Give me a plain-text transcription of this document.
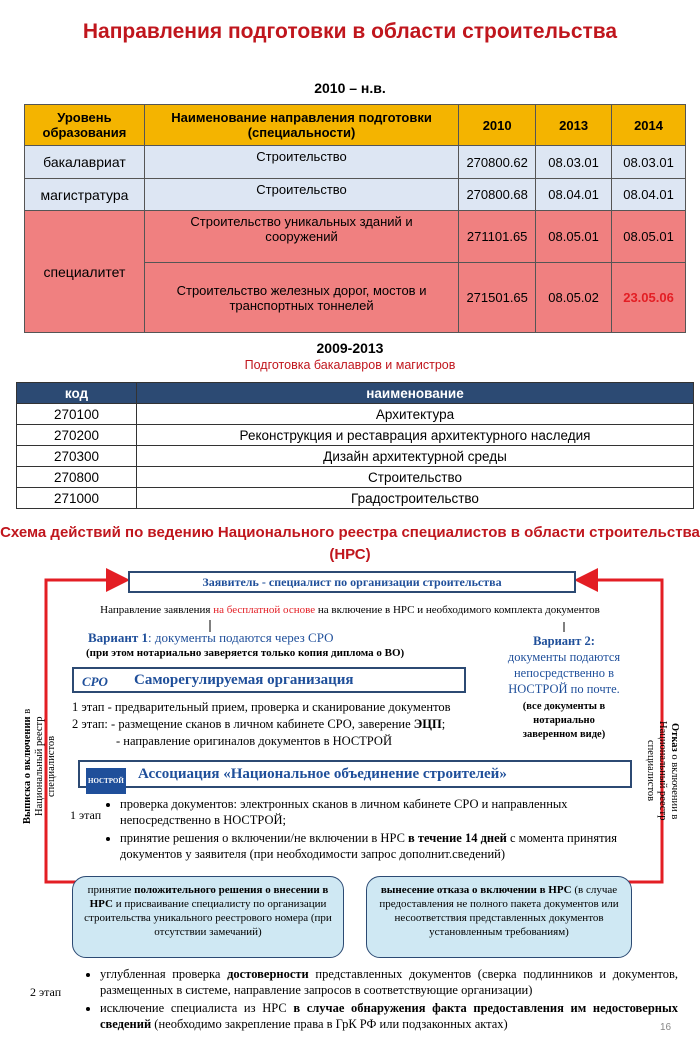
Направления подготовки в области строительства
2010 – н.в.
Уровень образования	Наименование направления подготовки (специальности)	2010	2013	2014
бакалавриат	Строительство	270800.62	08.03.01	08.03.01
магистратура	Строительство	270800.68	08.04.01	08.04.01
специалитет	Строительство уникальных зданий и сооружений	271101.65	08.05.01	08.05.01
	Строительство железных дорог, мостов и транспортных тоннелей	271501.65	08.05.02	23.05.06
2009-2013
Подготовка бакалавров и магистров
код	наименование
270100	Архитектура
270200	Реконструкция и реставрация архитектурного наследия
270300	Дизайн архитектурной среды
270800	Строительство
271000	Градостроительство
Схема действий по ведению Национального реестра специалистов в области строительства (НРС)
Заявитель - специалист по организации строительства
Направление заявления на бесплатной основе на включение в НРС и необходимого комплекта документов
Вариант 1: документы подаются через СРО
(при этом нотариально заверяется только копия диплома о ВО)
Вариант 2:
документы подаются непосредственно в НОСТРОЙ по почте.
(все документы в нотариально заверенном виде)
СРО Саморегулируемая организация
1 этап - предварительный прием, проверка и сканирование документов
2 этап: - размещение сканов в личном кабинете СРО, заверение ЭЦП;
- направление оригиналов документов в НОСТРОЙ
НОСТРОЙ Ассоциация «Национальное объединение строителей»
1 этап
• проверка документов: электронных сканов в личном кабинете СРО и направленных непосредственно в НОСТРОЙ;
• принятие решения о включении/не включении в НРС в течение 14 дней с момента принятия документов у заявителя (при необходимости запрос дополнит.сведений)
Выписка о включении в Национальный реестр специалистов	Отказ о включении в Национальный реестр специалистов
принятие положительного решения о внесении в НРС и присваивание специалисту по организации строительства уникального реестрового номера (при отсутствии замечаний)
вынесение отказа о включении в НРС (в случае предоставления не полного пакета документов или несоответствия представленных документов установленным требованиям)
2 этап
• углубленная проверка достоверности представленных документов (сверка подлинников и документов, размещенных в системе, направление запросов в соответствующие организации)
• исключение специалиста из НРС в случае обнаружения факта предоставления им недостоверных сведений (необходимо закрепление права в ГрК РФ или подзаконных актах)	16
